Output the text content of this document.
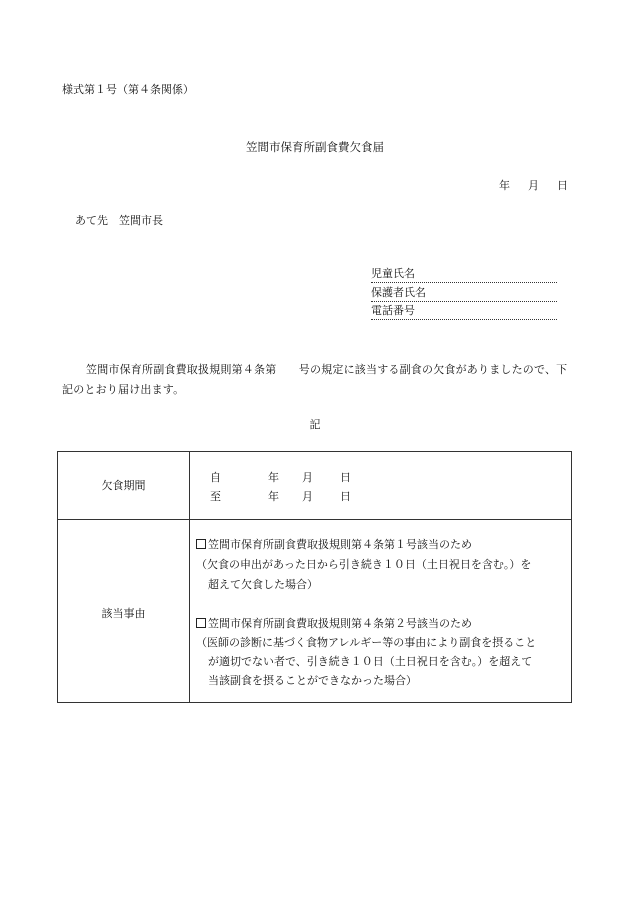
様式第１号（第４条関係）
笠間市保育所副食費欠食届
年 月 日
あて先　笠間市長
児童氏名
保護者氏名
電話番号
笠間市保育所副食費取扱規則第４条第　　号の規定に該当する副食の欠食がありましたので、下記のとおり届け出ます。
記
欠食期間
自	年 月 日
至	年 月 日
該当事由
笠間市保育所副食費取扱規則第４条第１号該当のため
（欠食の申出があった日から引き続き１０日（土日祝日を含む。）を
超えて欠食した場合）
笠間市保育所副食費取扱規則第４条第２号該当のため
（医師の診断に基づく食物アレルギー等の事由により副食を摂ること
が適切でない者で、引き続き１０日（土日祝日を含む。）を超えて
当該副食を摂ることができなかった場合）
